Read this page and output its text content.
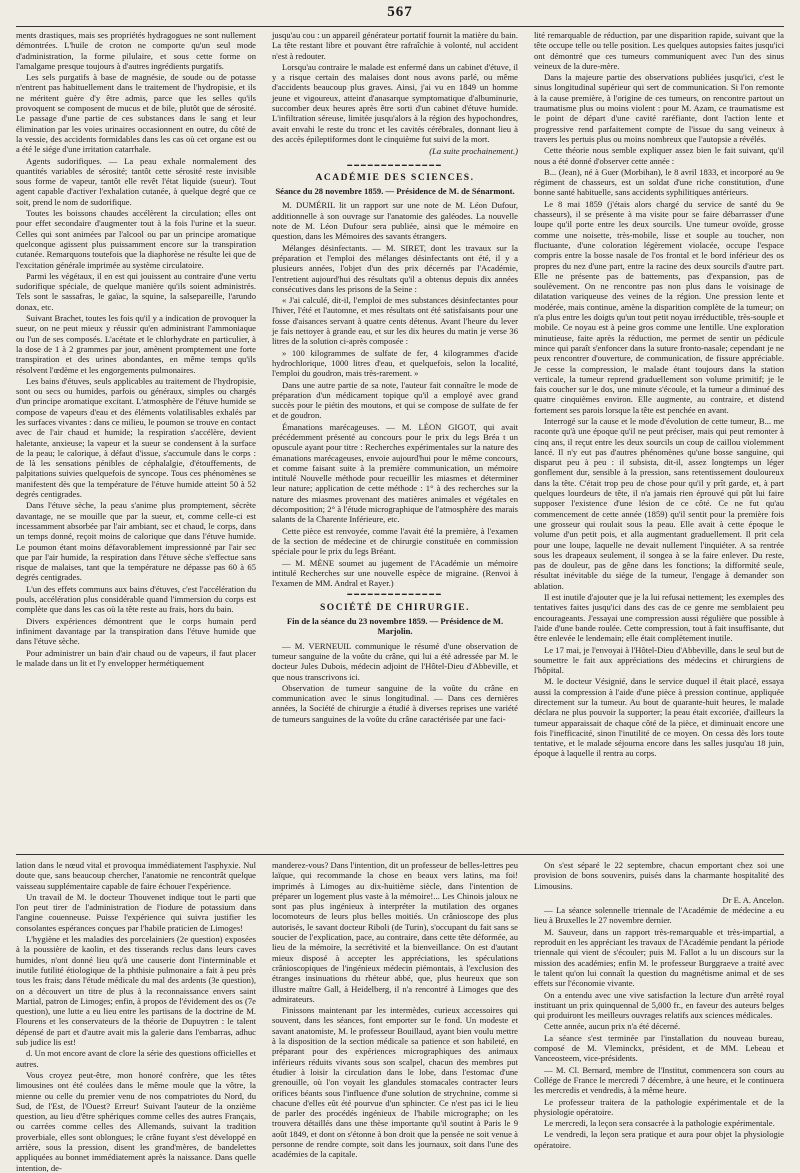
567

ments drastiques, mais ses propriétés hydragogues ne sont nullement démontrées. L'huile de croton ne comporte qu'un seul mode d'administration, la forme pilulaire, et sous cette forme on l'amalgame presque toujours à d'autres ingrédients purgatifs.

Les sels purgatifs à base de magnésie, de soude ou de potasse n'entrent pas habituellement dans le traitement de l'hydropisie, et ils ne méritent guère d'y être admis, parce que les selles qu'ils provoquent se composent de mucus et de bile, plutôt que de sérosité. Le passage d'une partie de ces substances dans le sang et leur élimination par les voies urinaires occasionnent en outre, du côté de la vessie, des accidents formidables dans les cas où cet organe est ou a été le siége d'une irritation catarrhale.

Agents sudorifiques. — La peau exhale normalement des quantités variables de sérosité; tantôt cette sérosité reste invisible sous forme de vapeur, tantôt elle revêt l'état liquide (sueur). Tout agent capable d'activer l'exhalation cutanée, à quelque degré que ce soit, prend le nom de sudorifique.

Toutes les boissons chaudes accélèrent la circulation; elles ont pour effet secondaire d'augmenter tout à la fois l'urine et la sueur. Celles qui sont animées par l'alcool ou par un principe aromatique quelconque agissent plus puissamment encore sur la transpiration cutanée. Remarquons toutefois que la diaphorèse ne résulte lei que de l'excitation générale imprimée au système circulatoire.

Parmi les végétaux, il en est qui jouissent au contraire d'une vertu sudorifique spéciale, de quelque manière qu'ils soient administrés. Tels sont le sassafras, le gaïac, la squine, la salsepareille, l'arundo donax, etc.

Suivant Brachet, toutes les fois qu'il y a indication de provoquer la sueur, on ne peut mieux y réussir qu'en administrant l'ammoniaque ou l'un de ses composés. L'acétate et le chlorhydrate en particulier, à la dose de 1 à 2 grammes par jour, amènent promptement une forte transpiration et des urines abondantes, en même temps qu'ils résolvent l'œdème et les engorgements pulmonaires.

Les bains d'étuves, seuls applicables au traitement de l'hydropisie, sont ou secs ou humides, parfois ou généraux, simples ou chargés d'un principe aromatique excitant. L'atmosphère de l'étuve humide se compose de vapeurs d'eau et des éléments volatilisables exhalés par les surfaces vivantes : dans ce milieu, le poumon se trouve en contact avec de l'air chaud et humide; la respiration s'accélère, devient haletante, anxieuse; la vapeur et la sueur se condensent à la surface de la peau; le calorique, à défaut d'issue, s'accumule dans le corps : de là les sensations pénibles de céphalalgie, d'étouffements, de palpitations suivies quelquefois de syncope. Tous ces phénomènes se manifestent dès que la température de l'étuve humide atteint 50 à 52 degrés centigrades.

Dans l'étuve sèche, la peau s'anime plus promptement, sécrète davantage, ne se mouille que par la sueur, et, comme celle-ci est incessamment absorbée par l'air ambiant, sec et chaud, le corps, dans un temps donné, reçoit moins de calorique que dans l'étuve humide. Le poumon étant moins défavorablement impressionné par l'air sec que par l'air humide, la respiration dans l'étuve sèche s'effectue sans risque de malaises, tant que la température ne dépasse pas 60 à 65 degrés centigrades.

L'un des effets communs aux bains d'étuves, c'est l'accélération du pouls, accélération plus considérable quand l'immersion du corps est complète que dans les cas où la tête reste au frais, hors du bain.

Divers expériences démontrent que le corps humain perd infiniment davantage par la transpiration dans l'étuve humide que dans l'étuve sèche.

Pour administrer un bain d'air chaud ou de vapeurs, il faut placer le malade dans un lit et l'y envelopper hermétiquement

jusqu'au cou : un appareil générateur portatif fournit la matière du bain. La tête restant libre et pouvant être rafraîchie à volonté, nul accident n'est à redouter.

Lorsqu'au contraire le malade est enfermé dans un cabinet d'étuve, il y a risque certain des malaises dont nous avons parlé, ou même d'accidents beaucoup plus graves. Ainsi, j'ai vu en 1849 un homme jeune et vigoureux, atteint d'anasarque symptomatique d'albuminurie, succomber deux heures après être sorti d'un cabinet d'étuve humide. L'infiltration séreuse, limitée jusqu'alors à la région des hypochondres, avait envahi le reste du tronc et les cavités cérébrales, donnant lieu à des accès épileptiformes dont le cinquième fut suivi de la mort.

(La suite prochainement.)
━━━━━━━━━━━━━━
ACADÉMIE DES SCIENCES.
Séance du 28 novembre 1859. — Présidence de M. de Sénarmont.

M. DUMÉRIL lit un rapport sur une note de M. Léon Dufour, additionnelle à son ouvrage sur l'anatomie des galéodes. La nouvelle note de M. Léon Dufour sera publiée, ainsi que le mémoire en question, dans les Mémoires des savants étrangers.

Mélanges désinfectants. — M. SIRET, dont les travaux sur la préparation et l'emploi des mélanges désinfectants ont été, il y a plusieurs années, l'objet d'un des prix décernés par l'Académie, l'entretient aujourd'hui des résultats qu'il a obtenus depuis dix années consécutives dans les prisons de la Seine :

« J'ai calculé, dit-il, l'emploi de mes substances désinfectantes pour l'hiver, l'été et l'automne, et mes résultats ont été satisfaisants pour une fosse d'aisances servant à quatre cents détenus. Avant l'heure du lever je fais nettoyer à grande eau, et sur les dix heures du matin je verse 36 litres de la solution ci-après composée :

» 100 kilogrammes de sulfate de fer, 4 kilogrammes d'acide hydrochlorique, 1000 litres d'eau, et quelquefois, selon la localité, l'emploi du goudron, mais très-rarement. »

Dans une autre partie de sa note, l'auteur fait connaître le mode de préparation d'un médicament topique qu'il a employé avec grand succès pour le piétin des moutons, et qui se compose de sulfate de fer et de goudron.

Émanations marécageuses. — M. LÉON GIGOT, qui avait précédemment présenté au concours pour le prix du legs Bréa t un opuscule ayant pour titre : Recherches expérimentales sur la nature des émanations marécageuses, envoie aujourd'hui pour le même concours, et comme faisant suite à la première communication, un mémoire intitulé Nouvelle méthode pour recueillir les miasmes et déterminer leur nature; application de cette méthode : 1° à des recherches sur la nature des miasmes provenant des matières animales et végétales en décomposition; 2° à l'étude micrographique de l'atmosphère des marais salants de la Charente Inférieure, etc.

Cette pièce est renvoyée, comme l'avait été la première, à l'examen de la section de médecine et de chirurgie constituée en commission spéciale pour le prix du legs Bréant.

— M. MÈNE soumet au jugement de l'Académie un mémoire intitulé Recherches sur une nouvelle espèce de migraine. (Renvoi à l'examen de MM. Andral et Rayer.)

━━━━━━━━━━━━━━
SOCIÉTÉ DE CHIRURGIE.
Fin de la séance du 23 novembre 1859. — Présidence de M. Marjolin.

— M. VERNEUIL communique le résumé d'une observation de tumeur sanguine de la voûte du crâne, qui lui a été adressée par M. le docteur Jules Dubois, médecin adjoint de l'Hôtel-Dieu d'Abbeville, et que nous transcrivons ici.

Observation de tumeur sanguine de la voûte du crâne en communication avec le sinus longitudinal. — Dans ces dernières années, la Société de chirurgie a étudié à diverses reprises une variété de tumeurs sanguines de la voûte du crâne caractérisée par une faci-

lité remarquable de réduction, par une disparition rapide, suivant que la tête occupe telle ou telle position. Les quelques autopsies faites jusqu'ici ont démontré que ces tumeurs communiquent avec l'un des sinus veineux de la dure-mère.

Dans la majeure partie des observations publiées jusqu'ici, c'est le sinus longitudinal supérieur qui sert de communication. Si l'on remonte à la cause première, à l'origine de ces tumeurs, on rencontre partout un traumatisme plus ou moins violent : pour M. Azam, ce traumatisme est le point de départ d'une cavité raréfiante, dont l'action lente et progressive rend parfaitement compte de l'issue du sang veineux à travers les pertuis plus ou moins nombreux que l'autopsie a révélés.

Cette théorie nous semble expliquer assez bien le fait suivant, qu'il nous a été donné d'observer cette année :

B... (Jean), né à Guer (Morbihan), le 8 avril 1833, et incorporé au 9e régiment de chasseurs, est un soldat d'une riche constitution, d'une bonne santé habituelle, sans accidents syphilitiques antérieurs.

Le 8 mai 1859 (j'étais alors chargé du service de santé du 9e chasseurs), il se présente à ma visite pour se faire débarrasser d'une loupe qu'il porte entre les deux sourcils. Une tumeur ovoïde, grosse comme une noisette, très-mobile, lisse et souple au toucher, non fluctuante, d'une coloration légèrement violacée, occupe l'espace compris entre la bosse nasale de l'os frontal et le bord inférieur des os propres du nez d'une part, entre la racine des deux sourcils d'autre part. Elle ne présente pas de battements, pas d'expansion, pas de soulèvement. On ne rencontre pas non plus dans le voisinage de dilatation variqueuse des veines de la région. Une pression lente et modérée, mais continue, amène la disparition complète de la tumeur; on n'a plus entre les doigts qu'un tout petit noyau irréductible, très-souple et mobile. Ce noyau est à peine gros comme une lentille. Une exploration minutieuse, faite après la réduction, me permet de sentir un pédicule mince qui paraît s'enfoncer dans la suture fronto-nasale; cependant je ne peux rencontrer d'ouverture, de communication, de fissure appréciable. Je cesse la compression, le malade étant toujours dans la station verticale, la tumeur reprend graduellement son volume primitif; je le fais coucher sur le dos, une minute s'écoule, et la tumeur a diminué des quatre cinquièmes environ. Elle augmente, au contraire, et distend fortement ses parois lorsque la tête est penchée en avant.

Interrogé sur la cause et le mode d'évolution de cette tumeur, B... me raconte qu'à une époque qu'il ne peut préciser, mais qui peut remonter à cinq ans, il reçut entre les deux sourcils un coup de caillou violemment lancé. Il n'y eut pas d'autres phénomènes qu'une bosse sanguine, qui disparut peu à peu : il subsista, dit-il, assez longtemps un léger gonflement dur, sensible à la pression, sans retentissement douloureux dans la tête. C'était trop peu de chose pour qu'il y prît garde, et, à part quelques lourdeurs de tête, il n'a jamais rien éprouvé qui pût lui faire supposer l'existence d'une lésion de ce côté. Ce ne fut qu'au commencement de cette année (1859) qu'il sentit pour la première fois une grosseur qui roulait sous la peau. Elle avait à cette époque le volume d'un petit pois, et alla augmentant graduellement. Il prit cela pour une loupe, laquelle ne devait nullement l'inquiéter. A sa rentrée sous les drapeaux seulement, il songea à se la faire enlever. Du reste, pas de douleur, pas de gêne dans les fonctions; la difformité seule, résultat inévitable du siége de la tumeur, l'engage à demander son ablation.

Il est inutile d'ajouter que je la lui refusai nettement; les exemples des tentatives faites jusqu'ici dans des cas de ce genre me semblaient peu encourageants. J'essayai une compression aussi régulière que possible à l'aide d'une bande roulée. Cette compression, tout à fait insuffisante, dut être enlevée le lendemain; elle était complètement inutile.

Le 17 mai, je l'envoyai à l'Hôtel-Dieu d'Abbeville, dans le seul but de soumettre le fait aux appréciations des médecins et chirurgiens de l'hôpital.

M. le docteur Vésignié, dans le service duquel il était placé, essaya aussi la compression à l'aide d'une pièce à pression continue, appliquée directement sur la tumeur. Au bout de quarante-huit heures, le malade déclara ne plus pouvoir la supporter; la peau était excoriée, d'ailleurs la tumeur apparaissait de chaque côté de la pièce, et diminuait encore une fois l'inefficacité, sinon l'inutilité de ce moyen. On cessa dès lors toute tentative, et le malade séjourna encore dans les salles jusqu'au 18 juin, époque à laquelle il rentra au corps.

lation dans le nœud vital et provoqua immédiatement l'asphyxie. Nul doute que, sans beaucoup chercher, l'anatomie ne rencontrât quelque vaisseau supplémentaire capable de faire échouer l'expérience.

Un travail de M. le docteur Thouvenet indique tout le parti que l'on peut tirer de l'administration de l'iodure de potassium dans l'angine couenneuse. Puisse l'expérience qui suivra justifier les consolantes espérances conçues par l'habile praticien de Limoges!

L'hygiène et les maladies des porcelainiers (2e question) exposées à la poussière de kaolin, et des tisserands reclus dans leurs caves humides, n'ont donné lieu qu'à une causerie dont l'interminable et inutile futilité étiologique de la phthisie pulmonaire a fait à peu près tous les frais; dans l'étude médicale du mal des ardents (3e question), on a découvert un titre de plus à la reconnaissance envers saint Martial, patron de Limoges; enfin, à propos de l'évidement des os (7e question), une lutte a eu lieu entre les partisans de la doctrine de M. Flourens et les conservateurs de la théorie de Dupuytren : le talent dépensé de part et d'autre avait mis la galerie dans l'embarras, adhuc sub judice lis est!

d. Un mot encore avant de clore la série des questions officielles et autres.

Vous croyez peut-être, mon honoré confrère, que les têtes limousines ont été coulées dans le même moule que la vôtre, la mienne ou celle du premier venu de nos compatriotes du Nord, du Sud, de l'Est, de l'Ouest? Erreur! Suivant l'auteur de la onzième question, au lieu d'être sphériques comme celles des autres Français, ou carrées comme celles des Allemands, suivant la tradition proverbiale, elles sont oblongues; le crâne fuyant s'est développé en arrière, sous la pression, disent les grand'mères, de bandelettes appliquées au bonnet immédiatement après la naissance. Dans quelle intention, de-

manderez-vous? Dans l'intention, dit un professeur de belles-lettres peu laïque, qui recommande la chose en beaux vers latins, ma foi! imprimés à Limoges au dix-huitième siècle, dans l'intention de préparer un logement plus vaste à la mémoire!... Les Chinois jaloux ne sont pas plus ingénieux à interpréter la mutilation des organes locomoteurs de leurs plus belles moitiés. Un crânioscope des plus autorisés, le savant docteur Riboli (de Turin), s'occupant du fait sans se soucier de l'explication, pace, au contraire, dans cette tête déformée, au lieu de la mémoire, la secrétivité et la bienveillance. On est d'autant mieux disposé à accepter les appréciations, les spéculations crânioscopiques de l'ingénieux médecin piémontais, à l'exclusion des étranges insinuations du rhéteur abbé, que, plus heureux que son illustre maître Gall, à Heidelberg, il n'a rencontré à Limoges que des admirateurs.

Finissons maintenant par les intermèdes, curieux accessoires qui souvent, dans les séances, font emporter sur le fond. Un modeste et savant anatomiste, M. le professeur Bouillaud, ayant bien voulu mettre à la disposition de la section médicale sa patience et son habileté, en préparant pour des expériences micrographiques des animaux inférieurs réduits vivants sous son scalpel, chacun des membres put étudier à loisir la circulation dans le lobe, dans l'estomac d'une grenouille, où l'on voyait les glandules stomacales contracter leurs orifices béants sous l'influence d'une solution de strychnine, comme si chacune d'elles eût été pourvue d'un sphincter. Ce n'est pas ici le lieu de parler des procédés ingénieux de l'habile micrographe; on les trouvera détaillés dans une thèse importante qu'il soutint à Paris le 9 août 1849, et dont on s'étonne à bon droit que la pensée ne soit venue à personne de rendre compte, soit dans les journaux, soit dans l'une des académies de la capitale.

On s'est séparé le 22 septembre, chacun emportant chez soi une provision de bons souvenirs, puisés dans la charmante hospitalité des Limousins.

Dr E. A. Ancelon.

— La séance solennelle triennale de l'Académie de médecine a eu lieu à Bruxelles le 27 novembre dernier.

M. Sauveur, dans un rapport très-remarquable et très-impartial, a reproduit en les appréciant les travaux de l'Académie pendant la période triennale qui vient de s'écouler; puis M. Fallot a lu un discours sur la mission des académies; enfin M. le professeur Burggraeve a traité avec le talent qu'on lui connaît la question du magnétisme animal et de ses effets sur l'économie vivante.

On a entendu avec une vive satisfaction la lecture d'un arrêté royal instituant un prix quinquennal de 5,000 fr., en faveur des auteurs belges qui produiront les meilleurs ouvrages relatifs aux sciences médicales.

Cette année, aucun prix n'a été décerné.

La séance s'est terminée par l'installation du nouveau bureau, composé de M. Vleminckx, président, et de MM. Lebeau et Vanceosteem, vice-présidents.

— M. Cl. Bernard, membre de l'Institut, commencera son cours au Collége de France le mercredi 7 décembre, à une heure, et le continuera les mercredis et vendredis, à la même heure.

Le professeur traitera de la pathologie expérimentale et de la physiologie opératoire.

Le mercredi, la leçon sera consacrée à la pathologie expérimentale.

Le vendredi, la leçon sera pratique et aura pour objet la physiologie opératoire.
